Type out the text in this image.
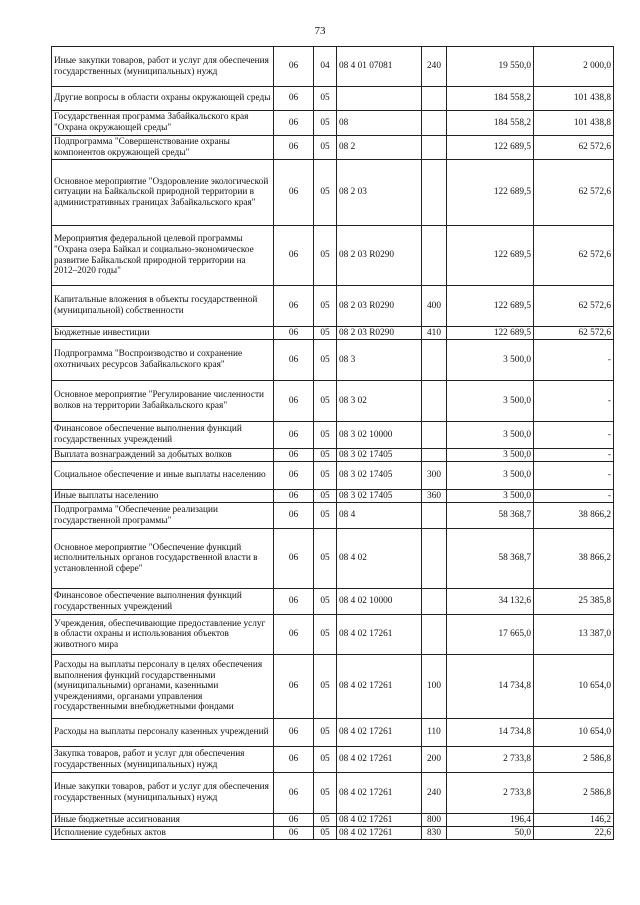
73
Иные закупки товаров, работ и услуг для обеспечения государственных (муниципальных) нужд	06	04	08 4 01 07081	240	19 550,0	2 000,0
Другие вопросы в области охраны окружающей среды	06	05			184 558,2	101 438,8
Государственная программа Забайкальского края "Охрана окружающей среды"	06	05	08		184 558,2	101 438,8
Подпрограмма "Совершенствование охраны компонентов окружающей среды"	06	05	08 2		122 689,5	62 572,6
Основное мероприятие "Оздоровление экологической ситуации на Байкальской природной территории в административных границах Забайкальского края"	06	05	08 2 03		122 689,5	62 572,6
Мероприятия федеральной целевой программы "Охрана озера Байкал и социально-экономическое развитие Байкальской природной территории на 2012–2020 годы"	06	05	08 2 03 R0290		122 689,5	62 572,6
Капитальные вложения в объекты государственной (муниципальной) собственности	06	05	08 2 03 R0290	400	122 689,5	62 572,6
Бюджетные инвестиции	06	05	08 2 03 R0290	410	122 689,5	62 572,6
Подпрограмма "Воспроизводство и сохранение охотничьих ресурсов Забайкальского края"	06	05	08 3		3 500,0	-
Основное мероприятие "Регулирование численности волков на территории Забайкальского края"	06	05	08 3 02		3 500,0	-
Финансовое обеспечение выполнения функций государственных учреждений	06	05	08 3 02 10000		3 500,0	-
Выплата вознаграждений за добытых волков	06	05	08 3 02 17405		3 500,0	-
Социальное обеспечение и иные выплаты населению	06	05	08 3 02 17405	300	3 500,0	-
Иные выплаты населению	06	05	08 3 02 17405	360	3 500,0	-
Подпрограмма "Обеспечение реализации государственной программы"	06	05	08 4		58 368,7	38 866,2
Основное мероприятие "Обеспечение функций исполнительных органов государственной власти в установленной сфере"	06	05	08 4 02		58 368,7	38 866,2
Финансовое обеспечение выполнения функций государственных учреждений	06	05	08 4 02 10000		34 132,6	25 385,8
Учреждения, обеспечивающие предоставление услуг в области охраны и использования объектов животного мира	06	05	08 4 02 17261		17 665,0	13 387,0
Расходы на выплаты персоналу в целях обеспечения выполнения функций государственными (муниципальными) органами, казенными учреждениями, органами управления государственными внебюджетными фондами	06	05	08 4 02 17261	100	14 734,8	10 654,0
Расходы на выплаты персоналу казенных учреждений	06	05	08 4 02 17261	110	14 734,8	10 654,0
Закупка товаров, работ и услуг для обеспечения государственных (муниципальных) нужд	06	05	08 4 02 17261	200	2 733,8	2 586,8
Иные закупки товаров, работ и услуг для обеспечения государственных (муниципальных) нужд	06	05	08 4 02 17261	240	2 733,8	2 586,8
Иные бюджетные ассигнования	06	05	08 4 02 17261	800	196,4	146,2
Исполнение судебных актов	06	05	08 4 02 17261	830	50,0	22,6
